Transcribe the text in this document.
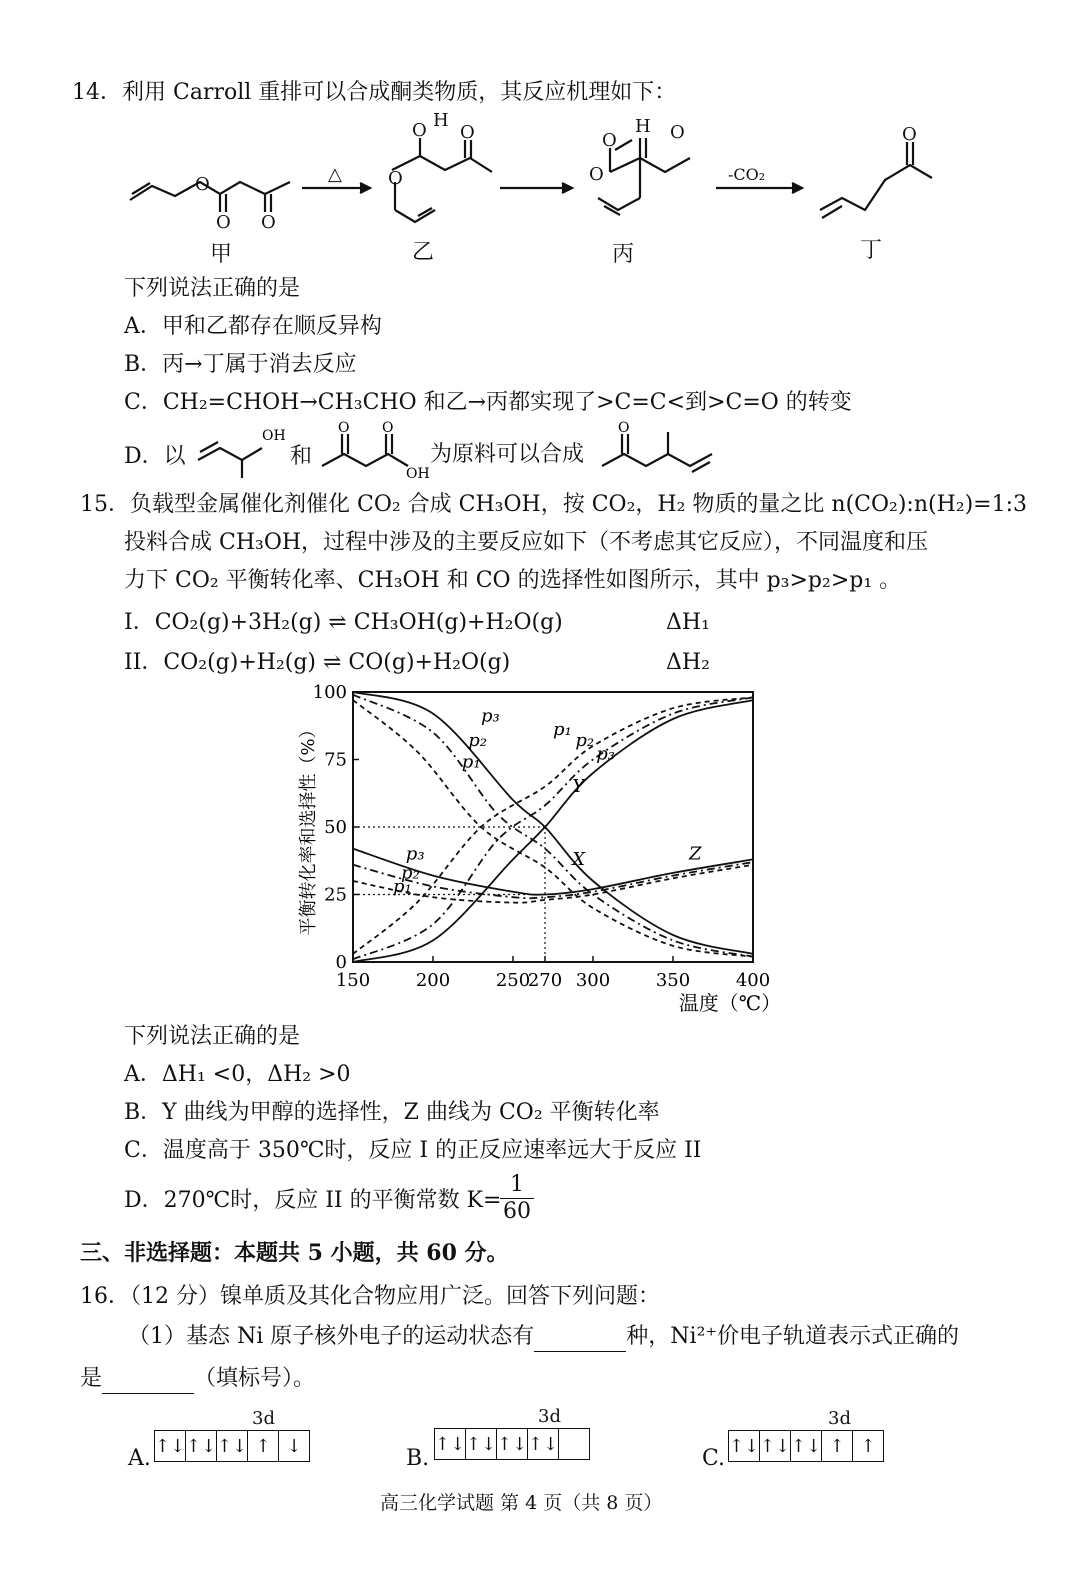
14．利用 Carroll 重排可以合成酮类物质，其反应机理如下：
O
O O
△
O H
O
O
O
H
O
O
-CO₂
O
甲	乙	丙	丁
下列说法正确的是
A．甲和乙都存在顺反异构
B．丙→丁属于消去反应
C．CH₂=CHOH→CH₃CHO 和乙→丙都实现了>C=C<到>C=O 的转变
D．以
OH
和
O O
OH
为原料可以合成
O
15．负载型金属催化剂催化 CO₂ 合成 CH₃OH，按 CO₂，H₂ 物质的量之比 n(CO₂):n(H₂)=1:3
投料合成 CH₃OH，过程中涉及的主要反应如下（不考虑其它反应），不同温度和压
力下 CO₂ 平衡转化率、CH₃OH 和 CO 的选择性如图所示，其中 p₃>p₂>p₁ 。
I．CO₂(g)+3H₂(g) ⇌ CH₃OH(g)+H₂O(g)	ΔH₁
II．CO₂(g)+H₂(g) ⇌ CO(g)+H₂O(g)	ΔH₂
150	200	250
270 300	350	400
0
25
50
75
100
p₃
p₂
p₁
p₁
p₂
p₃
Y
X	Z
p₃
p₂
p₁
平衡转化率和选择性（%）
温度（℃）
下列说法正确的是
A．ΔH₁ <0，ΔH₂ >0
B．Y 曲线为甲醇的选择性，Z 曲线为 CO₂ 平衡转化率
C．温度高于 350℃时，反应 I 的正反应速率远大于反应 II
D．270℃时，反应 II 的平衡常数 K=
$\frac{1}{60}$
三、非选择题：本题共 5 小题，共 60 分。
16．（12 分）镍单质及其化合物应用广泛。回答下列问题：
（1）基态 Ni 原子核外电子的运动状态有	种，Ni²⁺价电子轨道表示式正确的
是	（填标号）。
3d
A. ↑↓ ↑↓ ↑↓ ↑ ↓
3d
B.
↑↓ ↑↓ ↑↓ ↑↓
3d
C. ↑↓ ↑↓ ↑↓ ↑ ↑
高三化学试题 第 4 页（共 8 页）
